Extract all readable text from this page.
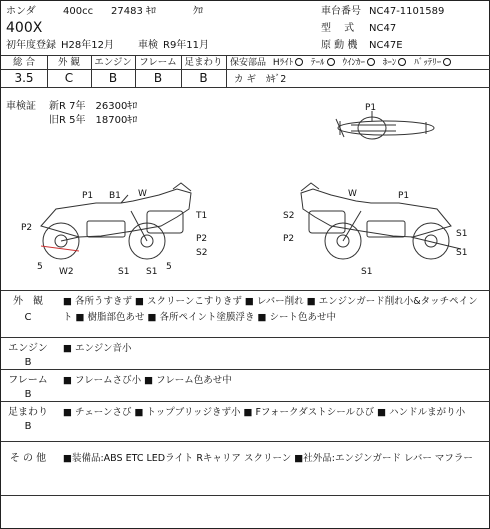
ホンダ	400cc 27483 ｷﾛ	ｸﾛ
400X
初年度登録 H28年12月 車検 R9年11月
車台番号 NC47-1101589
型　 式 NC47
原 動 機 NC47E
総 合	外 観	エンジン フレーム 足まわり
3.5	C	B	B	B
保安部品 Hﾗｲﾄ ﾃｰﾙ ｳｲﾝｶｰ ﾎｰﾝ ﾊﾞｯﾃﾘｰ
カ ギ ｶｷﾞ2
車検証 新R 7年　26300ｷﾛ
旧R 5年　18700ｷﾛ
P1
P1 B1 W
T1
P2
P2
S2
5 W2	S1 S1 5
W	P1
S2
P2	S1
S1
S1
外　観
C
■ 各所うすきず ■ スクリーンこすりきず ■ レバー削れ ■ エンジンガード削れ小&タッチペイント ■ 樹脂部色あせ ■ 各所ペイント塗膜浮き ■ シート色あせ中
エンジン
B
■ エンジン音小
フレーム
B
■ フレームさび小 ■ フレーム色あせ中
足まわり
B
■ チェーンさび ■ トップブリッジきず小 ■ Fフォークダストシールひび ■ ハンドルまがり小
そ の 他	■装備品:ABS ETC LEDライト Rキャリア スクリーン ■社外品:エンジンガード レバー マフラー
